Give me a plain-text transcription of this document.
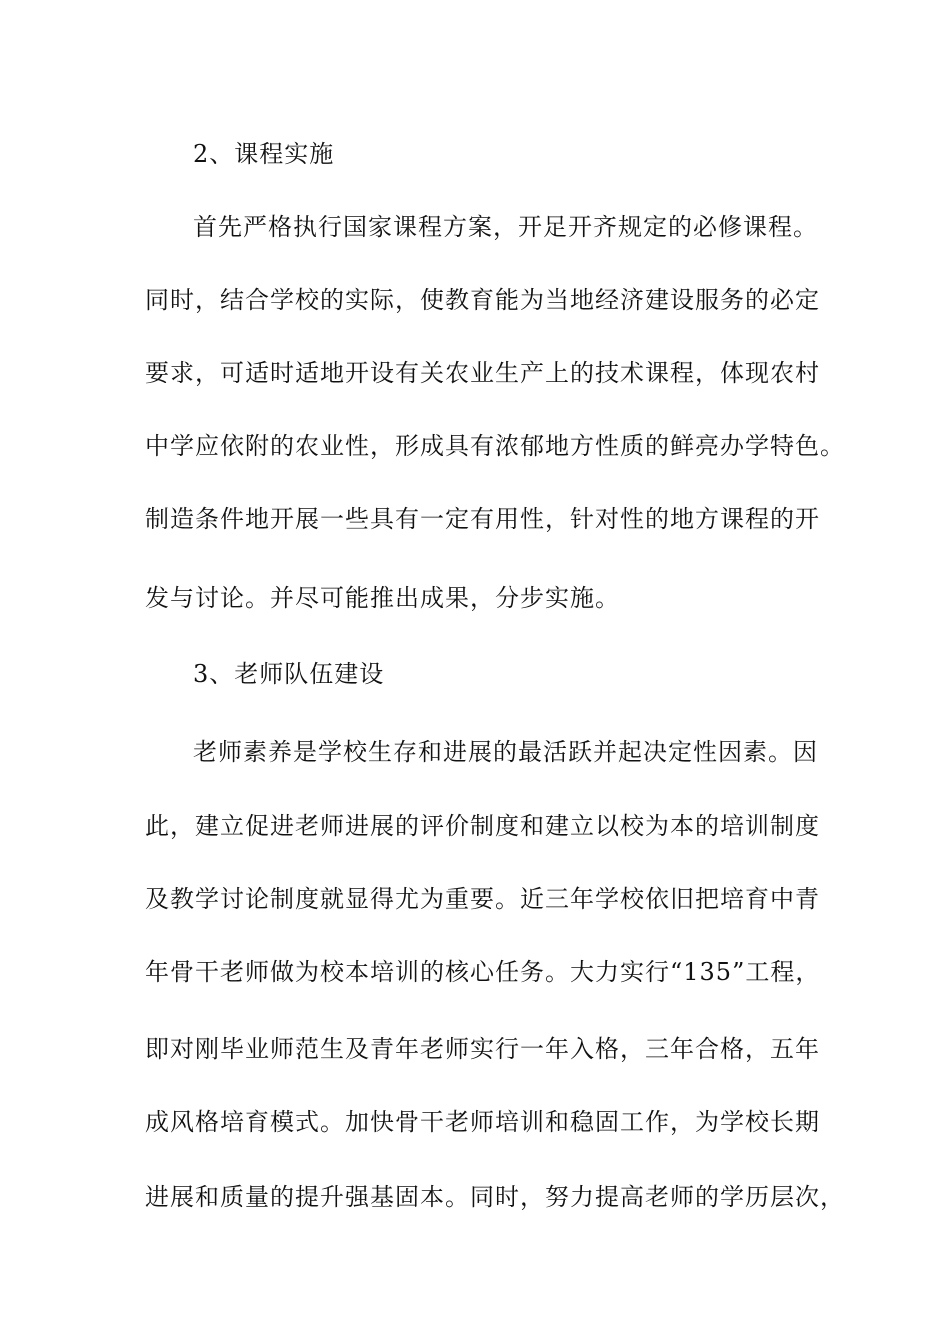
2、课程实施
首先严格执行国家课程方案，开足开齐规定的必修课程。
同时，结合学校的实际，使教育能为当地经济建设服务的必定
要求，可适时适地开设有关农业生产上的技术课程，体现农村
中学应依附的农业性，形成具有浓郁地方性质的鲜亮办学特色。
制造条件地开展一些具有一定有用性，针对性的地方课程的开
发与讨论。并尽可能推出成果，分步实施。
3、老师队伍建设
老师素养是学校生存和进展的最活跃并起决定性因素。因
此，建立促进老师进展的评价制度和建立以校为本的培训制度
及教学讨论制度就显得尤为重要。近三年学校依旧把培育中青
年骨干老师做为校本培训的核心任务。大力实行“135”工程，
即对刚毕业师范生及青年老师实行一年入格，三年合格，五年
成风格培育模式。加快骨干老师培训和稳固工作，为学校长期
进展和质量的提升强基固本。同时，努力提高老师的学历层次，
